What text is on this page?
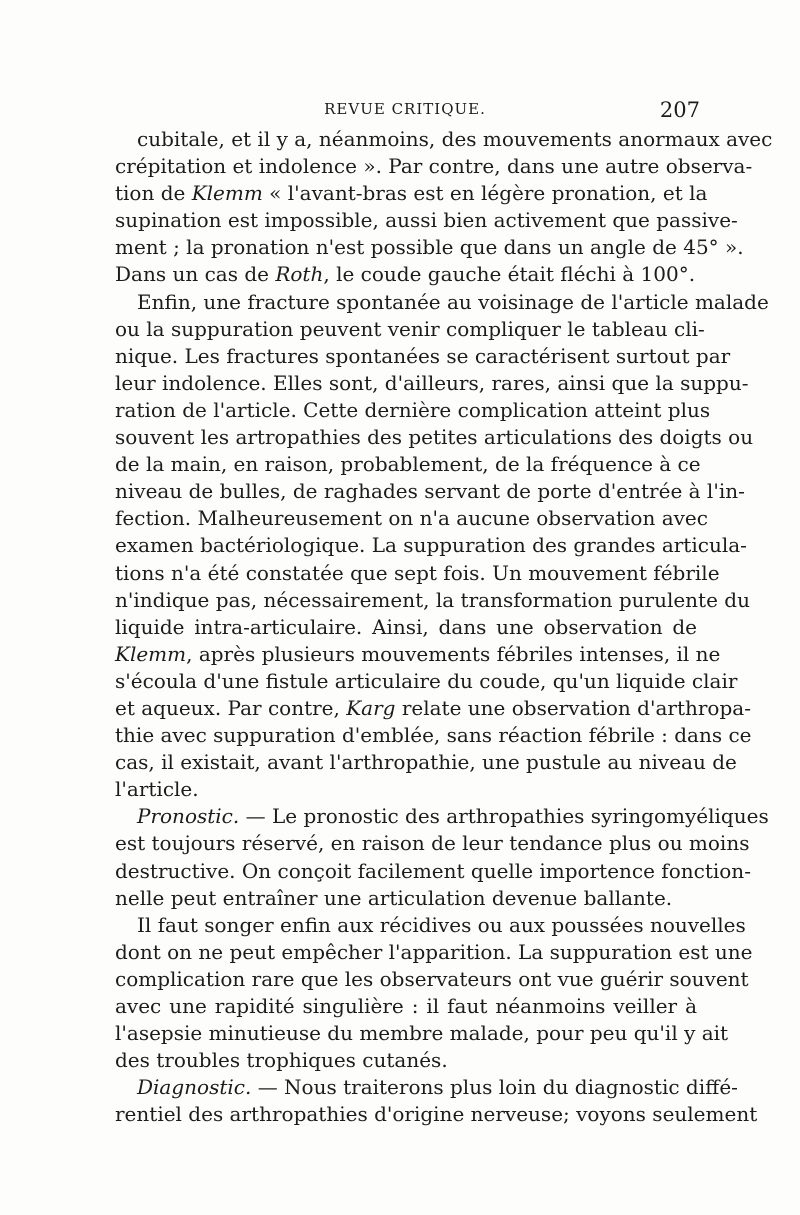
REVUE CRITIQUE.	207

cubitale, et il y a, néanmoins, des mouvements anormaux avec
crépitation et indolence ». Par contre, dans une autre observa-
tion de Klemm « l'avant-bras est en légère pronation, et la
supination est impossible, aussi bien activement que passive-
ment ; la pronation n'est possible que dans un angle de 45° ».
Dans un cas de Roth, le coude gauche était fléchi à 100°.

Enfin, une fracture spontanée au voisinage de l'article malade
ou la suppuration peuvent venir compliquer le tableau cli-
nique. Les fractures spontanées se caractérisent surtout par
leur indolence. Elles sont, d'ailleurs, rares, ainsi que la suppu-
ration de l'article. Cette dernière complication atteint plus
souvent les artropathies des petites articulations des doigts ou
de la main, en raison, probablement, de la fréquence à ce
niveau de bulles, de raghades servant de porte d'entrée à l'in-
fection. Malheureusement on n'a aucune observation avec
examen bactériologique. La suppuration des grandes articula-
tions n'a été constatée que sept fois. Un mouvement fébrile
n'indique pas, nécessairement, la transformation purulente du
liquide intra-articulaire. Ainsi, dans une observation de
Klemm, après plusieurs mouvements fébriles intenses, il ne
s'écoula d'une fistule articulaire du coude, qu'un liquide clair
et aqueux. Par contre, Karg relate une observation d'arthropa-
thie avec suppuration d'emblée, sans réaction fébrile : dans ce
cas, il existait, avant l'arthropathie, une pustule au niveau de
l'article.

Pronostic. — Le pronostic des arthropathies syringomyéliques
est toujours réservé, en raison de leur tendance plus ou moins
destructive. On conçoit facilement quelle importence fonction-
nelle peut entraîner une articulation devenue ballante.

Il faut songer enfin aux récidives ou aux poussées nouvelles
dont on ne peut empêcher l'apparition. La suppuration est une
complication rare que les observateurs ont vue guérir souvent
avec une rapidité singulière : il faut néanmoins veiller à
l'asepsie minutieuse du membre malade, pour peu qu'il y ait
des troubles trophiques cutanés.

Diagnostic. — Nous traiterons plus loin du diagnostic diffé-
rentiel des arthropathies d'origine nerveuse; voyons seulement
